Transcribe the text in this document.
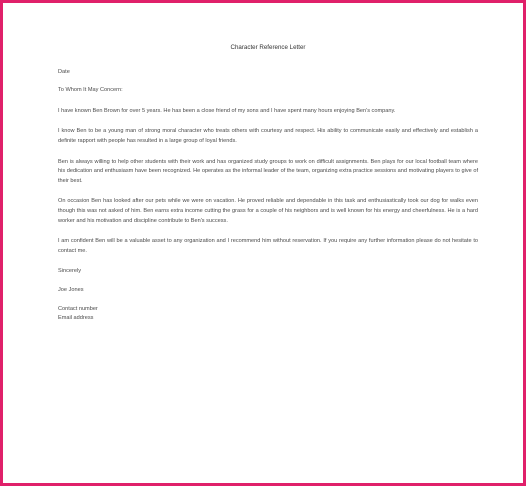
Character Reference Letter

Date

To Whom It May Concern:

I have known Ben Brown for over 5 years. He has been a close friend of my sons and I have spent many hours enjoying Ben's company.

I know Ben to be a young man of strong moral character who treats others with courtesy and respect. His ability to communicate easily and effectively and establish a definite rapport with people has resulted in a large group of loyal friends.

Ben is always willing to help other students with their work and has organized study groups to work on difficult assignments. Ben plays for our local football team where his dedication and enthusiasm have been recognized. He operates as the informal leader of the team, organizing extra practice sessions and motivating players to give of their best.

On occasion Ben has looked after our pets while we were on vacation. He proved reliable and dependable in this task and enthusiastically took our dog for walks even though this was not asked of him. Ben earns extra income cutting the grass for a couple of his neighbors and is well known for his energy and cheerfulness. He is a hard worker and his motivation and discipline contribute to Ben's success.

I am confident Ben will be a valuable asset to any organization and I recommend him without reservation. If you require any further information please do not hesitate to contact me.

Sincerely

Joe Jones

Contact number

Email address
